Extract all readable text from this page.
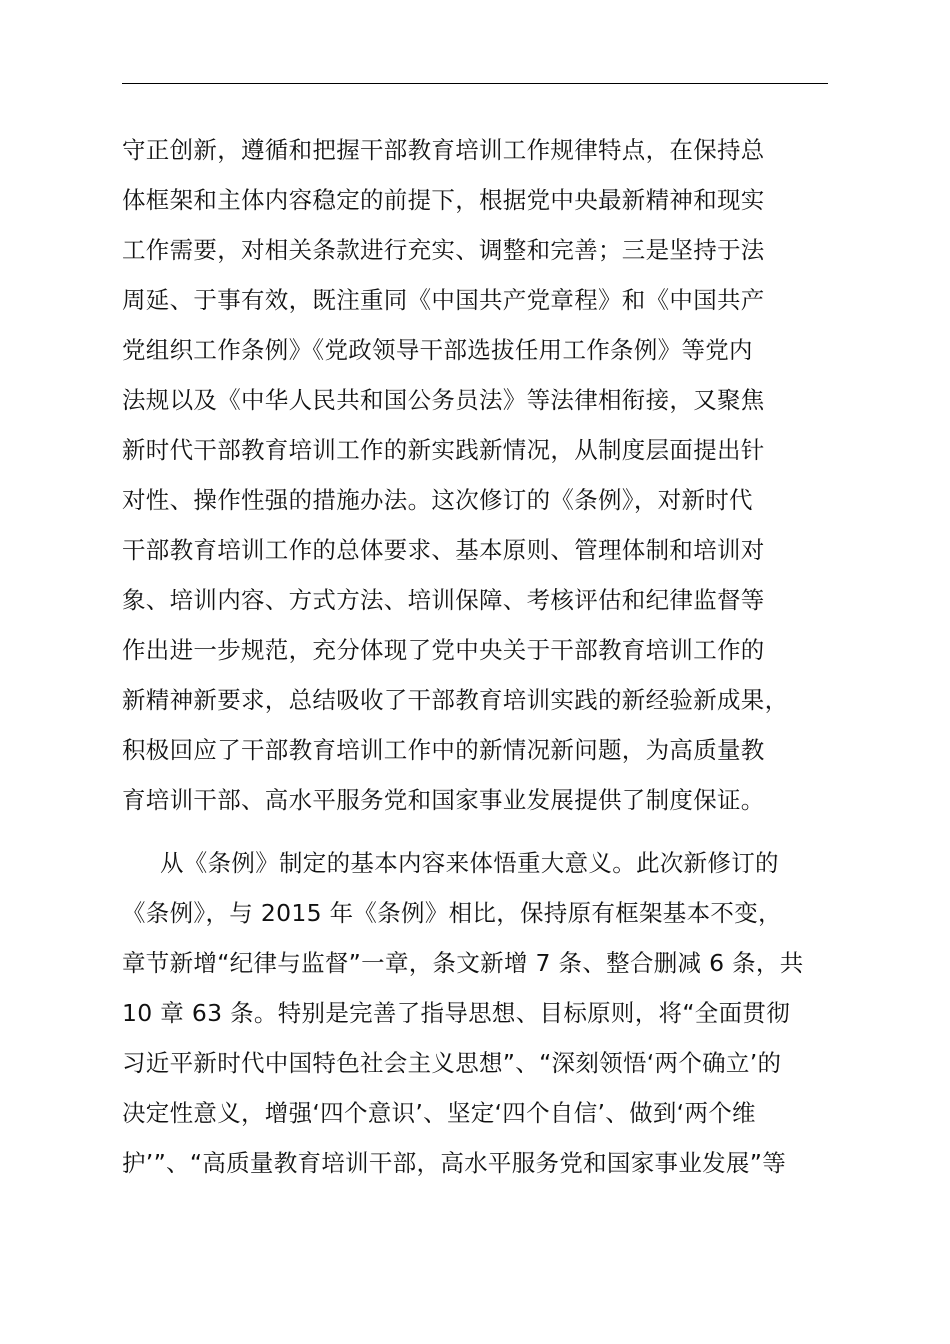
守正创新，遵循和把握干部教育培训工作规律特点，在保持总
体框架和主体内容稳定的前提下，根据党中央最新精神和现实
工作需要，对相关条款进行充实、调整和完善；三是坚持于法
周延、于事有效，既注重同《中国共产党章程》和《中国共产
党组织工作条例》《党政领导干部选拔任用工作条例》等党内
法规以及《中华人民共和国公务员法》等法律相衔接，又聚焦
新时代干部教育培训工作的新实践新情况，从制度层面提出针
对性、操作性强的措施办法。这次修订的《条例》，对新时代
干部教育培训工作的总体要求、基本原则、管理体制和培训对
象、培训内容、方式方法、培训保障、考核评估和纪律监督等
作出进一步规范，充分体现了党中央关于干部教育培训工作的
新精神新要求，总结吸收了干部教育培训实践的新经验新成果，
积极回应了干部教育培训工作中的新情况新问题，为高质量教
育培训干部、高水平服务党和国家事业发展提供了制度保证。
从《条例》制定的基本内容来体悟重大意义。此次新修订的
《条例》，与 2015 年《条例》相比，保持原有框架基本不变，
章节新增“纪律与监督”一章，条文新增 7 条、整合删减 6 条，共
10 章 63 条。特别是完善了指导思想、目标原则，将“全面贯彻
习近平新时代中国特色社会主义思想”、“深刻领悟‘两个确立’的
决定性意义，增强‘四个意识’、坚定‘四个自信’、做到‘两个维
护’”、“高质量教育培训干部，高水平服务党和国家事业发展”等
